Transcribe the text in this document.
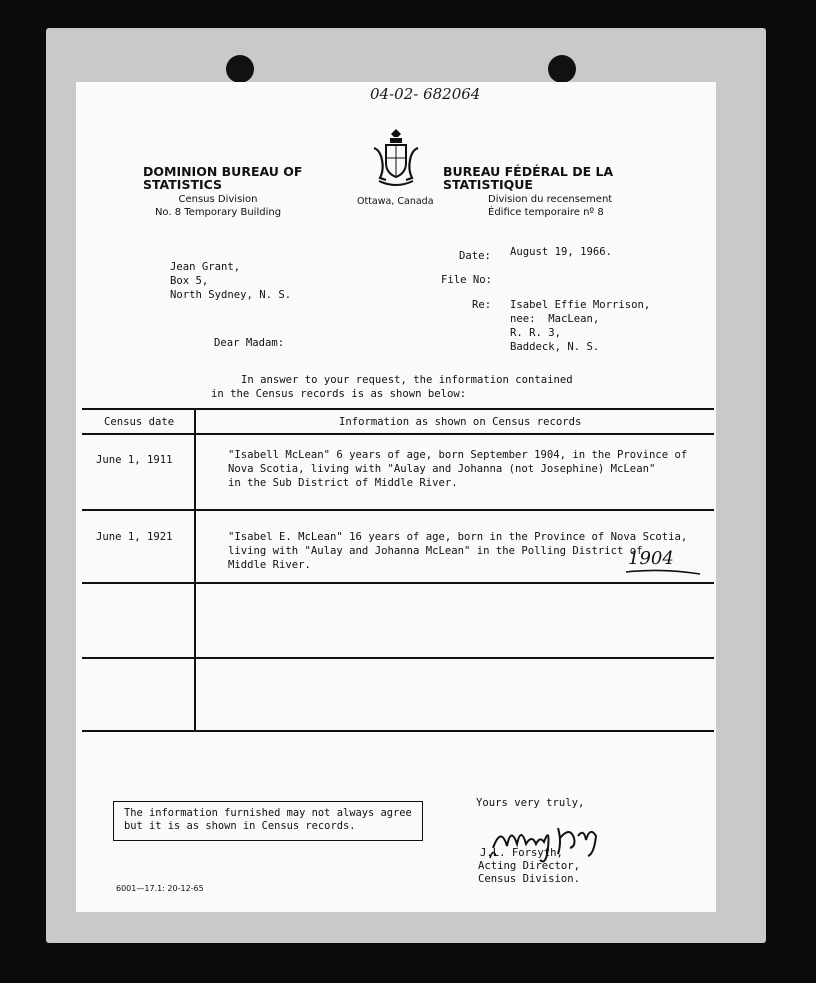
04-02- 682064
DOMINION BUREAU OF STATISTICS
Census Division
No. 8 Temporary Building
Ottawa, Canada
BUREAU FÉDÉRAL DE LA STATISTIQUE
Division du recensement
Édifice temporaire nº 8
Date: August 19, 1966.
File No:
Re: Isabel Effie Morrison,
nee:  MacLean,
R. R. 3,
Baddeck, N. S.
Jean Grant,
Box 5,
North Sydney, N. S.
Dear Madam:
In answer to your request, the information contained
in the Census records is as shown below:
Census date	Information as shown on Census records
June 1, 1911	"Isabell McLean" 6 years of age, born September 1904, in the Province of
Nova Scotia, living with "Aulay and Johanna (not Josephine) McLean"
in the Sub District of Middle River.
June 1, 1921	"Isabel E. McLean" 16 years of age, born in the Province of Nova Scotia,
living with "Aulay and Johanna McLean" in the Polling District of
Middle River.	1904
The information furnished may not always agree
but it is as shown in Census records.
Yours very truly,
J.L. Forsyth,
Acting Director,
Census Division.
6001—17.1: 20-12-65
